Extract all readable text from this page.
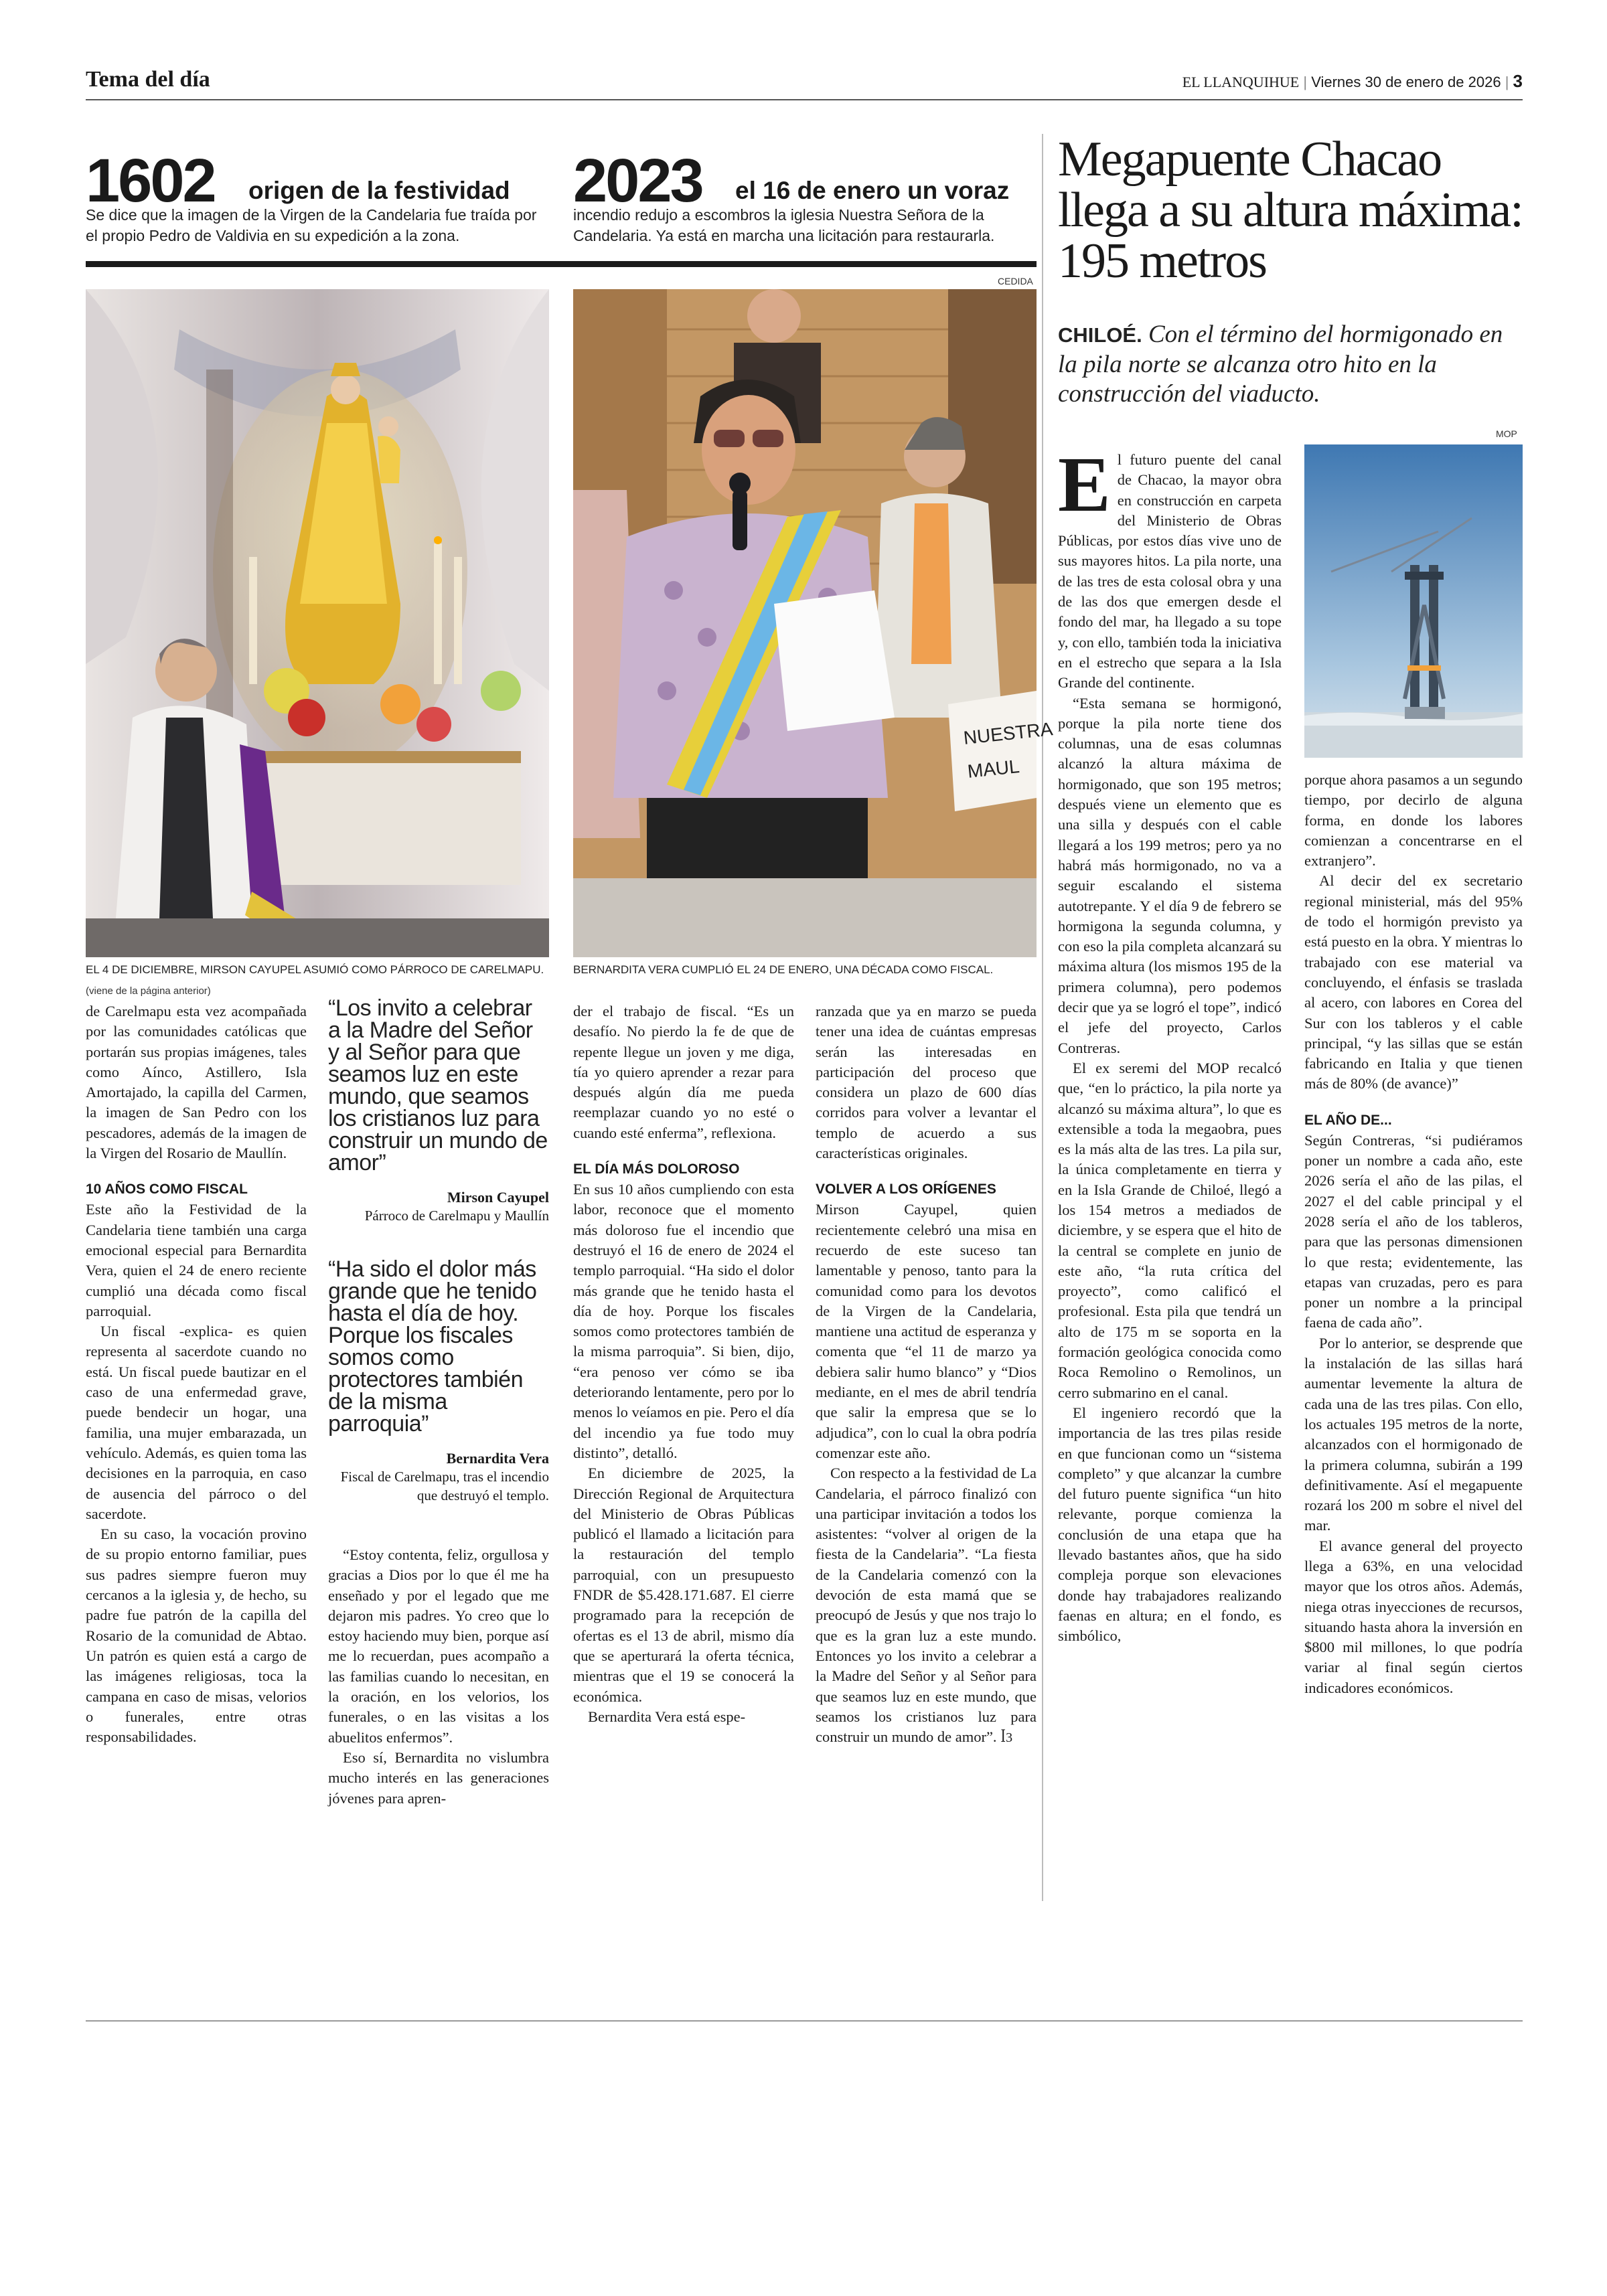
Tema del día	EL LLANQUIHUE | Viernes 30 de enero de 2026 | 3
1602 origen de la festividad
Se dice que la imagen de la Virgen de la Candelaria fue traída por el propio Pedro de Valdivia en su expedición a la zona.
2023 el 16 de enero un voraz
incendio redujo a escombros la iglesia Nuestra Señora de la Candelaria. Ya está en marcha una licitación para restaurarla.
EL 4 DE DICIEMBRE, MIRSON CAYUPEL ASUMIÓ COMO PÁRROCO DE CARELMAPU.
CEDIDA
NUESTRA
MAUL
BERNARDITA VERA CUMPLIÓ EL 24 DE ENERO, UNA DÉCADA COMO FISCAL.
(viene de la página anterior)

de Carelmapu esta vez acompañada por las comunidades católicas que portarán sus propias imágenes, tales como Aínco, Astillero, Isla Amortajado, la capilla del Carmen, la imagen de San Pedro con los pescadores, además de la imagen de la Virgen del Rosario de Maullín.

10 AÑOS COMO FISCAL

Este año la Festividad de la Candelaria tiene también una carga emocional especial para Bernardita Vera, quien el 24 de enero reciente cumplió una década como fiscal parroquial.

Un fiscal -explica- es quien representa al sacerdote cuando no está. Un fiscal puede bautizar en el caso de una enfermedad grave, puede bendecir un hogar, una familia, una mujer embarazada, un vehículo. Además, es quien toma las decisiones en la parroquia, en caso de ausencia del párroco o del sacerdote.

En su caso, la vocación provino de su propio entorno familiar, pues sus padres siempre fueron muy cercanos a la iglesia y, de hecho, su padre fue patrón de la capilla del Rosario de la comunidad de Abtao. Un patrón es quien está a cargo de las imágenes religiosas, toca la campana en caso de misas, velorios o funerales, entre otras responsabilidades.

“Los invito a celebrar a la Madre del Señor y al Señor para que seamos luz en este mundo, que seamos los cristianos luz para construir un mundo de amor”
Mirson Cayupel
Párroco de Carelmapu y Maullín
“Ha sido el dolor más grande que he tenido hasta el día de hoy. Porque los fiscales somos como protectores también de la misma parroquia”
Bernardita Vera
Fiscal de Carelmapu, tras el incendio que destruyó el templo.

“Estoy contenta, feliz, orgullosa y gracias a Dios por lo que él me ha enseñado y por el legado que me dejaron mis padres. Yo creo que lo estoy haciendo muy bien, porque así me lo recuerdan, pues acompaño a las familias cuando lo necesitan, en la oración, en los velorios, los funerales, o en las visitas a los abuelitos enfermos”.

Eso sí, Bernardita no vislumbra mucho interés en las generaciones jóvenes para apren-

der el trabajo de fiscal. “Es un desafío. No pierdo la fe de que de repente llegue un joven y me diga, tía yo quiero aprender a rezar para después algún día me pueda reemplazar cuando yo no esté o cuando esté enferma”, reflexiona.

EL DÍA MÁS DOLOROSO

En sus 10 años cumpliendo con esta labor, reconoce que el momento más doloroso fue el incendio que destruyó el 16 de enero de 2024 el templo parroquial. “Ha sido el dolor más grande que he tenido hasta el día de hoy. Porque los fiscales somos como protectores también de la misma parroquia”. Si bien, dijo, “era penoso ver cómo se iba deteriorando lentamente, pero por lo menos lo veíamos en pie. Pero el día del incendio ya fue todo muy distinto”, detalló.

En diciembre de 2025, la Dirección Regional de Arquitectura del Ministerio de Obras Públicas publicó el llamado a licitación para la restauración del templo parroquial, con un presupuesto FNDR de $5.428.171.687. El cierre programado para la recepción de ofertas es el 13 de abril, mismo día que se aperturará la oferta técnica, mientras que el 19 se conocerá la económica.

Bernardita Vera está espe-

ranzada que ya en marzo se pueda tener una idea de cuántas empresas serán las interesadas en participación del proceso que considera un plazo de 600 días corridos para volver a levantar el templo de acuerdo a sus características originales.

VOLVER A LOS ORÍGENES

Mirson Cayupel, quien recientemente celebró una misa en recuerdo de este suceso tan lamentable y penoso, tanto para la comunidad como para los devotos de la Virgen de la Candelaria, mantiene una actitud de esperanza y comenta que “el 11 de marzo ya debiera salir humo blanco” y “Dios mediante, en el mes de abril tendría que salir la empresa que se lo adjudica”, con lo cual la obra podría comenzar este año.

Con respecto a la festividad de La Candelaria, el párroco finalizó con una participar invitación a todos los asistentes: “volver al origen de la fiesta de la Candelaria”. “La fiesta de la Candelaria comenzó con la devoción de esta mamá que se preocupó de Jesús y que nos trajo lo que es la gran luz a este mundo. Entonces yo los invito a celebrar a la Madre del Señor y al Señor para que seamos luz en este mundo, que seamos los cristianos luz para construir un mundo de amor”. ꟾ3

Megapuente Chacao llega a su altura máxima: 195 metros
CHILOÉ. Con el término del hormigonado en la pila norte se alcanza otro hito en la construcción del viaducto.
MOP

El futuro puente del canal de Chacao, la mayor obra en construcción en carpeta del Ministerio de Obras Públicas, por estos días vive uno de sus mayores hitos. La pila norte, una de las tres de esta colosal obra y una de las dos que emergen desde el fondo del mar, ha llegado a su tope y, con ello, también toda la iniciativa en el estrecho que separa a la Isla Grande del continente.

“Esta semana se hormigonó, porque la pila norte tiene dos columnas, una de esas columnas alcanzó la altura máxima de hormigonado, que son 195 metros; después viene un elemento que es una silla y después con el cable llegará a los 199 metros; pero ya no habrá más hormigonado, no va a seguir escalando el sistema autotrepante. Y el día 9 de febrero se hormigona la segunda columna, y con eso la pila completa alcanzará su máxima altura (los mismos 195 de la primera columna), pero podemos decir que ya se logró el tope”, indicó el jefe del proyecto, Carlos Contreras.

El ex seremi del MOP recalcó que, “en lo práctico, la pila norte ya alcanzó su máxima altura”, lo que es extensible a toda la megaobra, pues es la más alta de las tres. La pila sur, la única completamente en tierra y en la Isla Grande de Chiloé, llegó a los 154 metros a mediados de diciembre, y se espera que el hito de la central se complete en junio de este año, “la ruta crítica del proyecto”, como calificó el profesional. Esta pila que tendrá un alto de 175 m se soporta en la formación geológica conocida como Roca Remolino o Remolinos, un cerro submarino en el canal.

El ingeniero recordó que la importancia de las tres pilas reside en que funcionan como un “sistema completo” y que alcanzar la cumbre del futuro puente significa “un hito relevante, porque comienza la conclusión de una etapa que ha llevado bastantes años, que ha sido compleja porque son elevaciones donde hay trabajadores realizando faenas en altura; en el fondo, es simbólico,

porque ahora pasamos a un segundo tiempo, por decirlo de alguna forma, en donde los labores comienzan a concentrarse en el extranjero”.

Al decir del ex secretario regional ministerial, más del 95% de todo el hormigón previsto ya está puesto en la obra. Y mientras lo trabajado con ese material va concluyendo, el énfasis se traslada al acero, con labores en Corea del Sur con los tableros y el cable principal, “y las sillas que se están fabricando en Italia y que tienen más de 80% (de avance)”

EL AÑO DE...

Según Contreras, “si pudiéramos poner un nombre a cada año, este 2026 sería el año de las pilas, el 2027 el del cable principal y el 2028 sería el año de los tableros, para que las personas dimensionen lo que resta; evidentemente, las etapas van cruzadas, pero es para poner un nombre a la principal faena de cada año”.

Por lo anterior, se desprende que la instalación de las sillas hará aumentar levemente la altura de cada una de las tres pilas. Con ello, los actuales 195 metros de la norte, alcanzados con el hormigonado de la primera columna, subirán a 199 definitivamente. Así el megapuente rozará los 200 m sobre el nivel del mar.

El avance general del proyecto llega a 63%, en una velocidad mayor que los otros años. Además, niega otras inyecciones de recursos, situando hasta ahora la inversión en $800 mil millones, lo que podría variar al final según ciertos indicadores económicos.
